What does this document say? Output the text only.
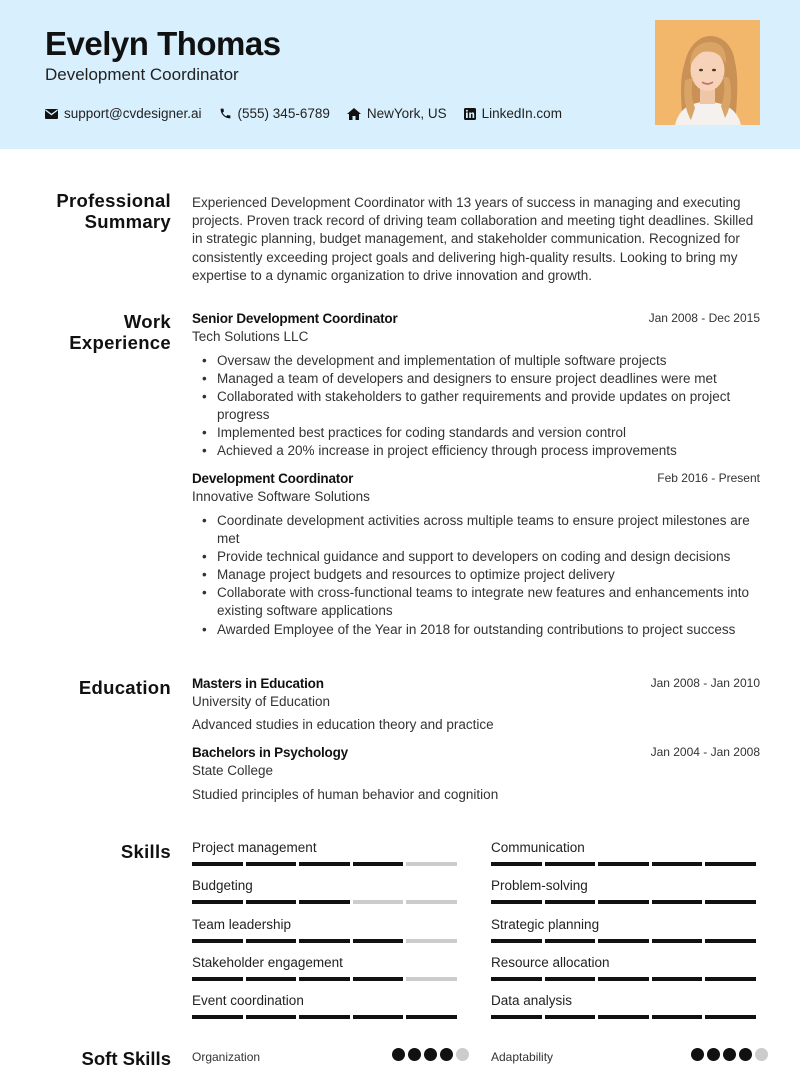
Evelyn Thomas
Development Coordinator
support@cvdesigner.ai	(555) 345-6789	NewYork, US	LinkedIn.com
Professional
Summary
Experienced Development Coordinator with 13 years of success in managing and executing projects. Proven track record of driving team collaboration and meeting tight deadlines. Skilled in strategic planning, budget management, and stakeholder communication. Recognized for consistently exceeding project goals and delivering high-quality results. Looking to bring my expertise to a dynamic organization to drive innovation and growth.
Work
Experience
Senior Development Coordinator	Jan 2008 - Dec 2015
Tech Solutions LLC
• Oversaw the development and implementation of multiple software projects
• Managed a team of developers and designers to ensure project deadlines were met
• Collaborated with stakeholders to gather requirements and provide updates on project progress
• Implemented best practices for coding standards and version control
• Achieved a 20% increase in project efficiency through process improvements
Development Coordinator	Feb 2016 - Present
Innovative Software Solutions
• Coordinate development activities across multiple teams to ensure project milestones are met
• Provide technical guidance and support to developers on coding and design decisions
• Manage project budgets and resources to optimize project delivery
• Collaborate with cross-functional teams to integrate new features and enhancements into existing software applications
• Awarded Employee of the Year in 2018 for outstanding contributions to project success
Education Masters in Education	Jan 2008 - Jan 2010
University of Education
Advanced studies in education theory and practice
Bachelors in Psychology	Jan 2004 - Jan 2008
State College
Studied principles of human behavior and cognition
Skills Project management	Communication
Budgeting	Problem-solving
Team leadership	Strategic planning
Stakeholder engagement	Resource allocation
Event coordination	Data analysis
Soft Skills Organization	Adaptability
